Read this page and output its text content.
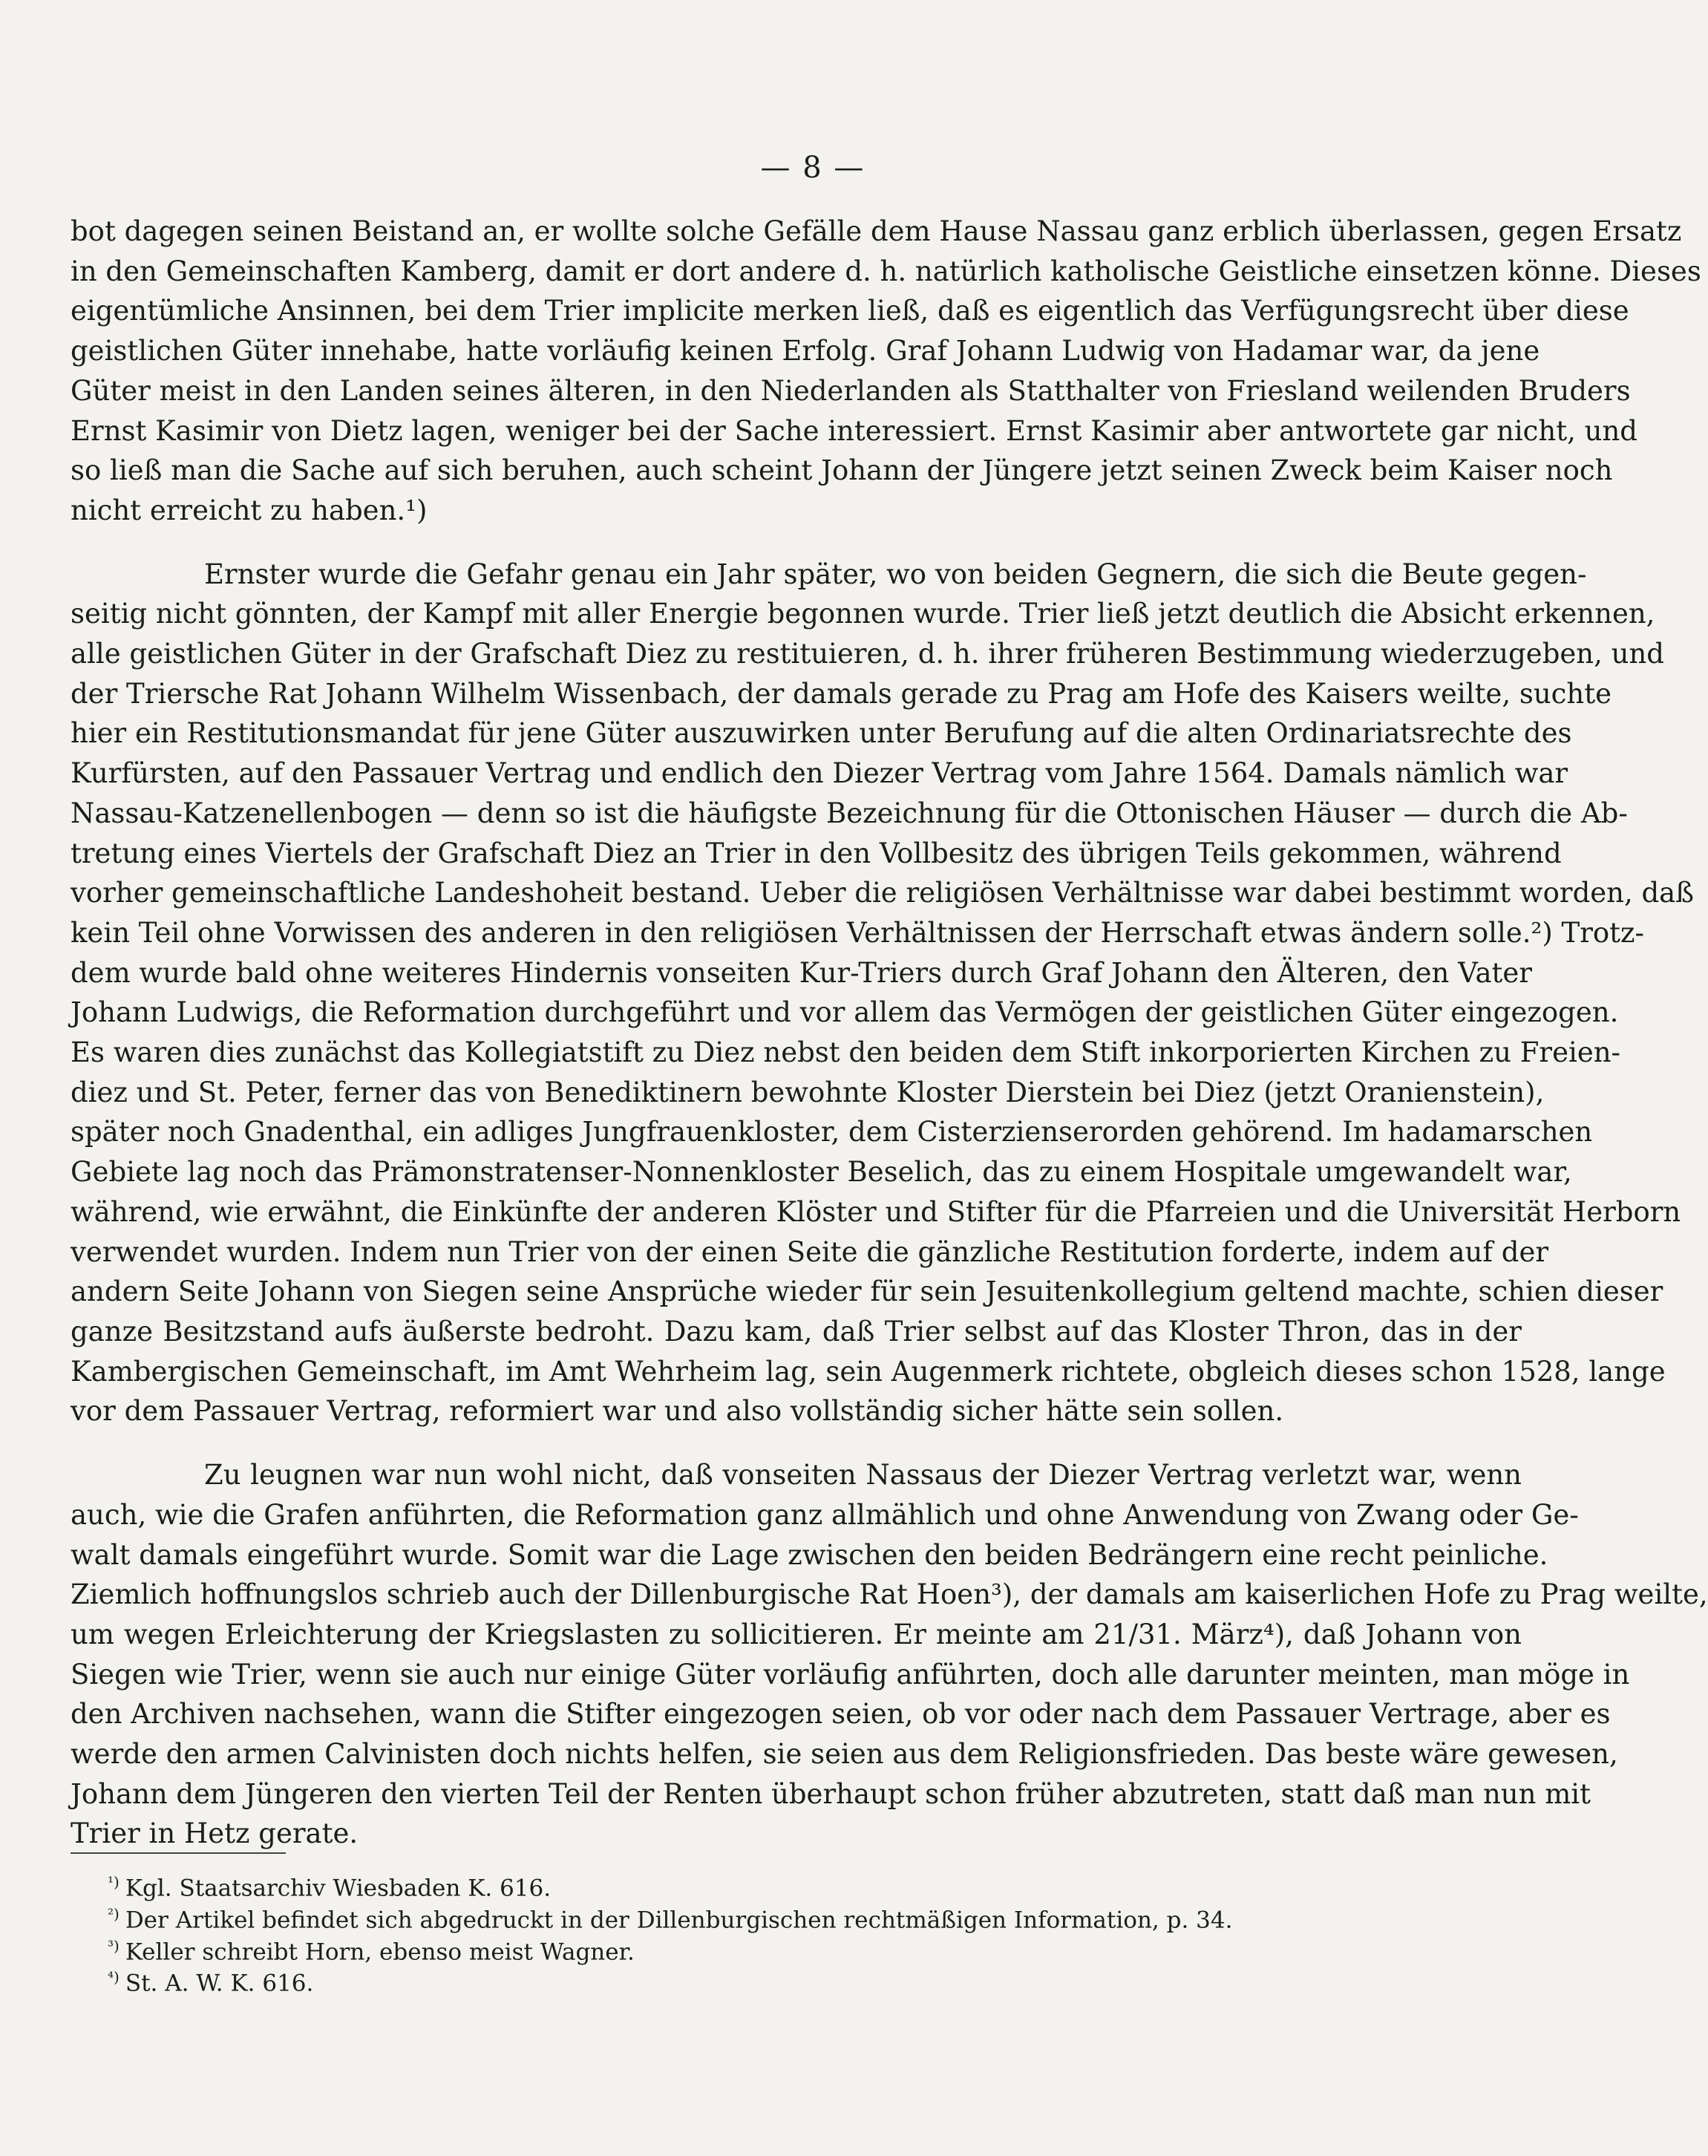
— 8 —
bot dagegen seinen Beistand an, er wollte solche Gefälle dem Hause Nassau ganz erblich überlassen, gegen Ersatz
in den Gemeinschaften Kamberg, damit er dort andere d. h. natürlich katholische Geistliche einsetzen könne. Dieses
eigentümliche Ansinnen, bei dem Trier implicite merken ließ, daß es eigentlich das Verfügungsrecht über diese
geistlichen Güter innehabe, hatte vorläufig keinen Erfolg. Graf Johann Ludwig von Hadamar war, da jene
Güter meist in den Landen seines älteren, in den Niederlanden als Statthalter von Friesland weilenden Bruders
Ernst Kasimir von Dietz lagen, weniger bei der Sache interessiert. Ernst Kasimir aber antwortete gar nicht, und
so ließ man die Sache auf sich beruhen, auch scheint Johann der Jüngere jetzt seinen Zweck beim Kaiser noch
nicht erreicht zu haben.¹)
Ernster wurde die Gefahr genau ein Jahr später, wo von beiden Gegnern, die sich die Beute gegen-
seitig nicht gönnten, der Kampf mit aller Energie begonnen wurde. Trier ließ jetzt deutlich die Absicht erkennen,
alle geistlichen Güter in der Grafschaft Diez zu restituieren, d. h. ihrer früheren Bestimmung wiederzugeben, und
der Triersche Rat Johann Wilhelm Wissenbach, der damals gerade zu Prag am Hofe des Kaisers weilte, suchte
hier ein Restitutionsmandat für jene Güter auszuwirken unter Berufung auf die alten Ordinariatsrechte des
Kurfürsten, auf den Passauer Vertrag und endlich den Diezer Vertrag vom Jahre 1564. Damals nämlich war
Nassau-Katzenellenbogen — denn so ist die häufigste Bezeichnung für die Ottonischen Häuser — durch die Ab-
tretung eines Viertels der Grafschaft Diez an Trier in den Vollbesitz des übrigen Teils gekommen, während
vorher gemeinschaftliche Landeshoheit bestand. Ueber die religiösen Verhältnisse war dabei bestimmt worden, daß
kein Teil ohne Vorwissen des anderen in den religiösen Verhältnissen der Herrschaft etwas ändern solle.²) Trotz-
dem wurde bald ohne weiteres Hindernis vonseiten Kur-Triers durch Graf Johann den Älteren, den Vater
Johann Ludwigs, die Reformation durchgeführt und vor allem das Vermögen der geistlichen Güter eingezogen.
Es waren dies zunächst das Kollegiatstift zu Diez nebst den beiden dem Stift inkorporierten Kirchen zu Freien-
diez und St. Peter, ferner das von Benediktinern bewohnte Kloster Dierstein bei Diez (jetzt Oranienstein),
später noch Gnadenthal, ein adliges Jungfrauenkloster, dem Cisterzienserorden gehörend. Im hadamarschen
Gebiete lag noch das Prämonstratenser-Nonnenkloster Beselich, das zu einem Hospitale umgewandelt war,
während, wie erwähnt, die Einkünfte der anderen Klöster und Stifter für die Pfarreien und die Universität Herborn
verwendet wurden. Indem nun Trier von der einen Seite die gänzliche Restitution forderte, indem auf der
andern Seite Johann von Siegen seine Ansprüche wieder für sein Jesuitenkollegium geltend machte, schien dieser
ganze Besitzstand aufs äußerste bedroht. Dazu kam, daß Trier selbst auf das Kloster Thron, das in der
Kambergischen Gemeinschaft, im Amt Wehrheim lag, sein Augenmerk richtete, obgleich dieses schon 1528, lange
vor dem Passauer Vertrag, reformiert war und also vollständig sicher hätte sein sollen.
Zu leugnen war nun wohl nicht, daß vonseiten Nassaus der Diezer Vertrag verletzt war, wenn
auch, wie die Grafen anführten, die Reformation ganz allmählich und ohne Anwendung von Zwang oder Ge-
walt damals eingeführt wurde. Somit war die Lage zwischen den beiden Bedrängern eine recht peinliche.
Ziemlich hoffnungslos schrieb auch der Dillenburgische Rat Hoen³), der damals am kaiserlichen Hofe zu Prag weilte,
um wegen Erleichterung der Kriegslasten zu sollicitieren. Er meinte am 21/31. März⁴), daß Johann von
Siegen wie Trier, wenn sie auch nur einige Güter vorläufig anführten, doch alle darunter meinten, man möge in
den Archiven nachsehen, wann die Stifter eingezogen seien, ob vor oder nach dem Passauer Vertrage, aber es
werde den armen Calvinisten doch nichts helfen, sie seien aus dem Religionsfrieden. Das beste wäre gewesen,
Johann dem Jüngeren den vierten Teil der Renten überhaupt schon früher abzutreten, statt daß man nun mit
Trier in Hetz gerate.
$^{^1)}$ Kgl. Staatsarchiv Wiesbaden K. 616.
$^{^2)}$ Der Artikel befindet sich abgedruckt in der Dillenburgischen rechtmäßigen Information, p. 34.
$^{^3)}$ Keller schreibt Horn, ebenso meist Wagner.
$^{^4)}$ St. A. W. K. 616.
